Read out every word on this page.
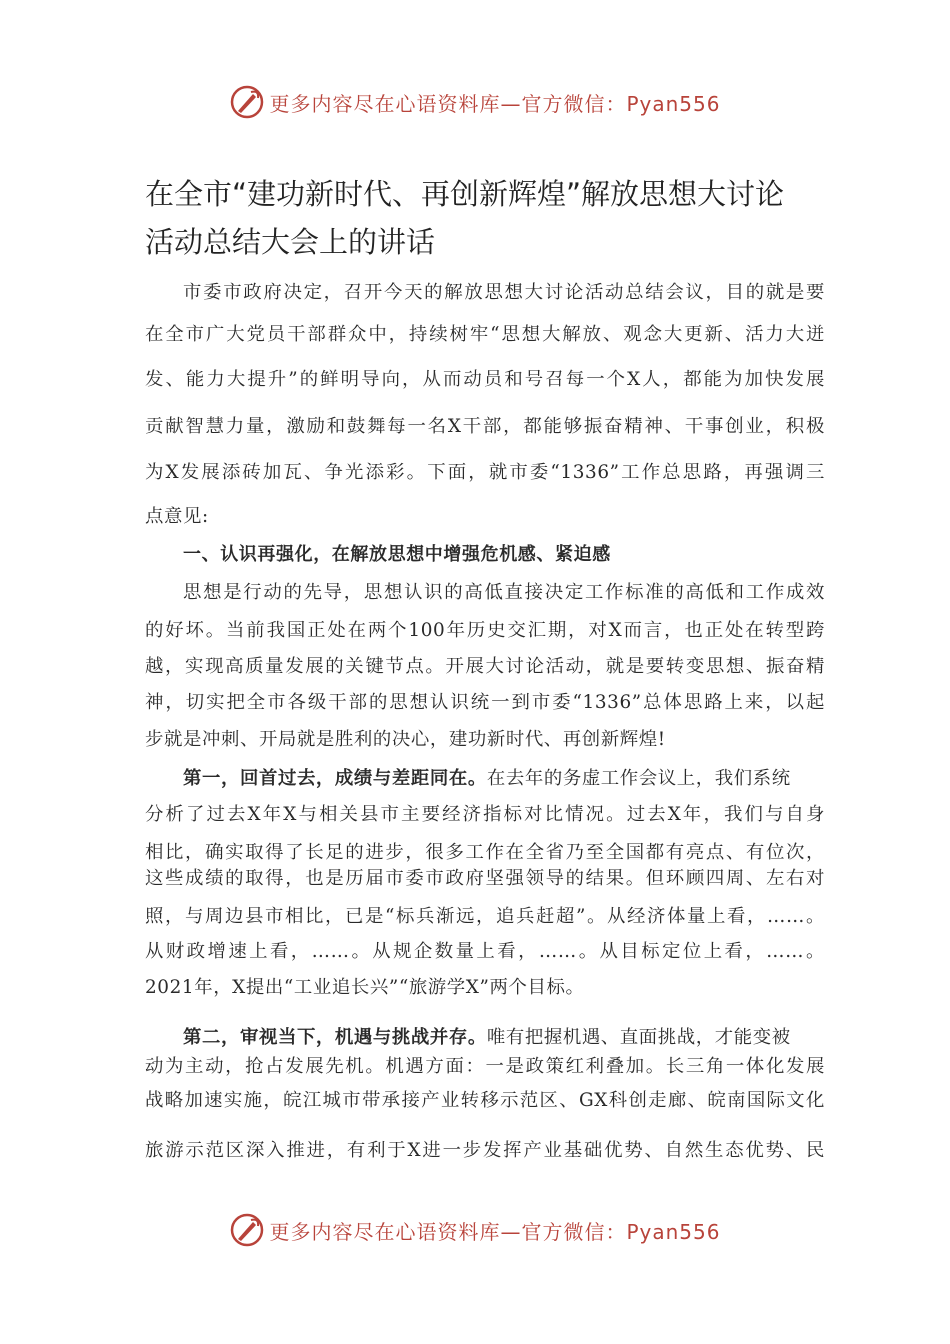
更多内容尽在心语资料库—官方微信：Pyan556
在全市“建功新时代、再创新辉煌”解放思想大讨论
活动总结大会上的讲话
市委市政府决定，召开今天的解放思想大讨论活动总结会议，目的就是要
在全市广大党员干部群众中，持续树牢“思想大解放、观念大更新、活力大迸
发、能力大提升”的鲜明导向，从而动员和号召每一个X人，都能为加快发展
贡献智慧力量，激励和鼓舞每一名X干部，都能够振奋精神、干事创业，积极
为X发展添砖加瓦、争光添彩。下面，就市委“1336”工作总思路，再强调三
点意见:
一、认识再强化，在解放思想中增强危机感、紧迫感
思想是行动的先导，思想认识的高低直接决定工作标准的高低和工作成效
的好坏。当前我国正处在两个100年历史交汇期，对X而言，也正处在转型跨
越，实现高质量发展的关键节点。开展大讨论活动，就是要转变思想、振奋精
神，切实把全市各级干部的思想认识统一到市委“1336”总体思路上来，以起
步就是冲刺、开局就是胜利的决心，建功新时代、再创新辉煌!
第一，回首过去，成绩与差距同在。在去年的务虚工作会议上，我们系统
分析了过去X年X与相关县市主要经济指标对比情况。过去X年，我们与自身
相比，确实取得了长足的进步，很多工作在全省乃至全国都有亮点、有位次，
这些成绩的取得，也是历届市委市政府坚强领导的结果。但环顾四周、左右对
照，与周边县市相比，已是“标兵渐远，追兵赶超”。从经济体量上看，……。
从财政增速上看，……。从规企数量上看，……。从目标定位上看，……。
2021年，X提出“工业追长兴”“旅游学X”两个目标。
第二，审视当下，机遇与挑战并存。唯有把握机遇、直面挑战，才能变被
动为主动，抢占发展先机。机遇方面：一是政策红利叠加。长三角一体化发展
战略加速实施，皖江城市带承接产业转移示范区、GX科创走廊、皖南国际文化
旅游示范区深入推进，有利于X进一步发挥产业基础优势、自然生态优势、民
更多内容尽在心语资料库—官方微信：Pyan556
